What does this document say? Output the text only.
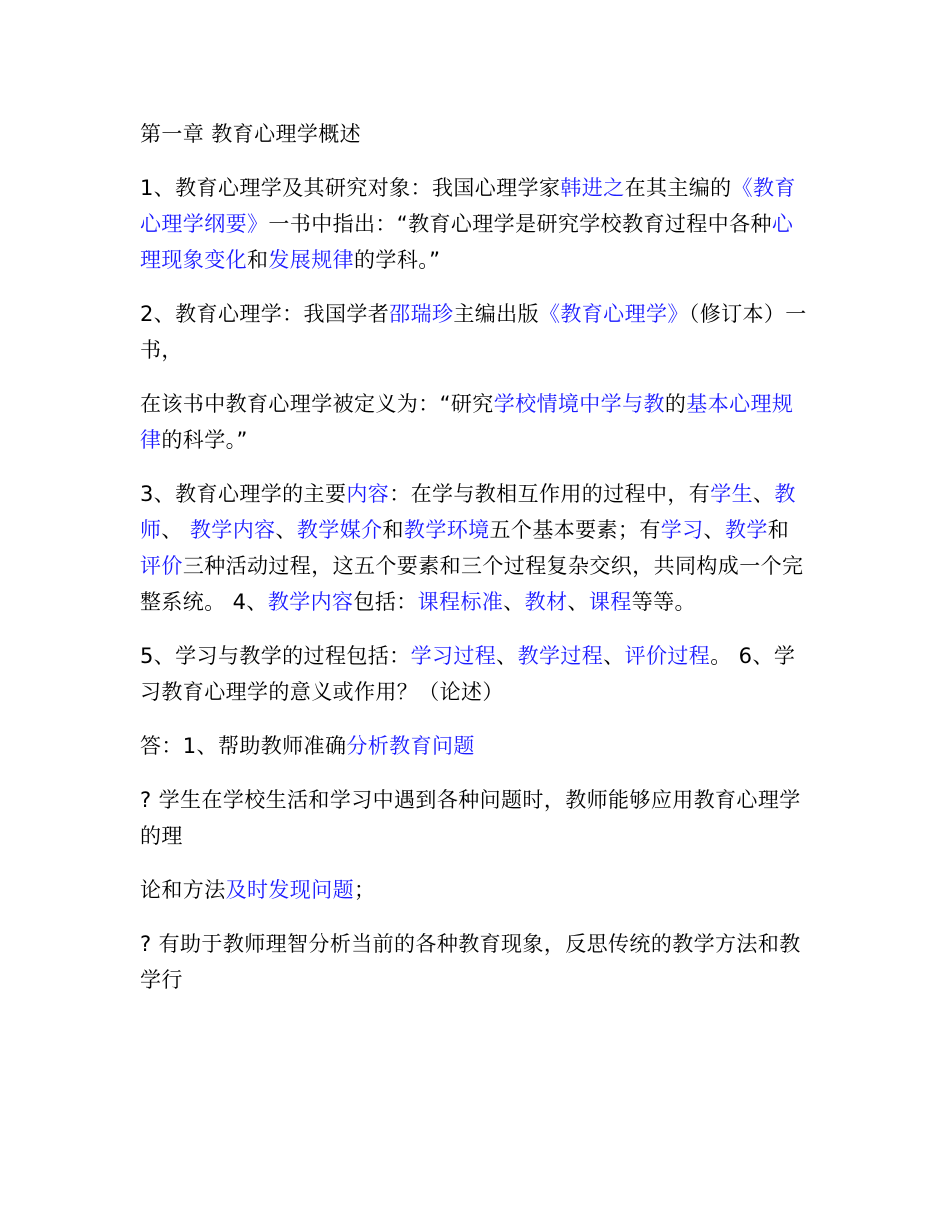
第一章 教育心理学概述

1、教育心理学及其研究对象：我国心理学家韩进之在其主编的《教育心理学纲要》一书中指出：“教育心理学是研究学校教育过程中各种心理现象变化和发展规律的学科。”

2、教育心理学：我国学者邵瑞珍主编出版《教育心理学》（修订本）一书，

在该书中教育心理学被定义为：“研究学校情境中学与教的基本心理规律的科学。”

3、教育心理学的主要内容：在学与教相互作用的过程中，有学生、教师、 教学内容、教学媒介和教学环境五个基本要素；有学习、教学和评价三种活动过程，这五个要素和三个过程复杂交织，共同构成一个完整系统。 4、教学内容包括：课程标准、教材、课程等等。

5、学习与教学的过程包括：学习过程、教学过程、评价过程。 6、学习教育心理学的意义或作用？（论述）

答：1、帮助教师准确分析教育问题

? 学生在学校生活和学习中遇到各种问题时，教师能够应用教育心理学的理

论和方法及时发现问题；

? 有助于教师理智分析当前的各种教育现象，反思传统的教学方法和教学行
